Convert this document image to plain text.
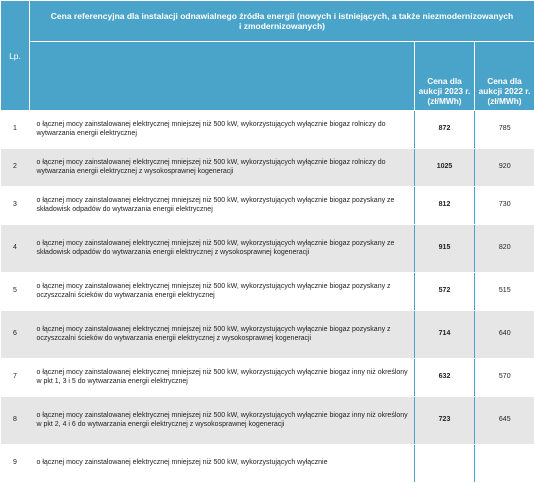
Lp.	Cena referencyjna dla instalacji odnawialnego źródła energii (nowych i istniejących, a także niezmodernizowanych i zmodernizowanych)		
		Cena dla aukcji 2023 r. (zł/MWh)	Cena dla aukcji 2022 r. (zł/MWh)
1	o łącznej mocy zainstalowanej elektrycznej mniejszej niż 500 kW, wykorzystujących wyłącznie biogaz rolniczy do wytwarzania energii elektrycznej	872	785
2	o łącznej mocy zainstalowanej elektrycznej mniejszej niż 500 kW, wykorzystujących wyłącznie biogaz rolniczy do wytwarzania energii elektrycznej z wysokosprawnej kogeneracji	1025	920
3	o łącznej mocy zainstalowanej elektrycznej mniejszej niż 500 kW, wykorzystujących wyłącznie biogaz pozyskany ze składowisk odpadów do wytwarzania energii elektrycznej	812	730
4	o łącznej mocy zainstalowanej elektrycznej mniejszej niż 500 kW, wykorzystujących wyłącznie biogaz pozyskany ze składowisk odpadów do wytwarzania energii elektrycznej z wysokosprawnej kogeneracji	915	820
5	o łącznej mocy zainstalowanej elektrycznej mniejszej niż 500 kW, wykorzystujących wyłącznie biogaz pozyskany z oczyszczalni ścieków do wytwarzania energii elektrycznej	572	515
6	o łącznej mocy zainstalowanej elektrycznej mniejszej niż 500 kW, wykorzystujących wyłącznie biogaz pozyskany z oczyszczalni ścieków do wytwarzania energii elektrycznej z wysokosprawnej kogeneracji	714	640
7	o łącznej mocy zainstalowanej elektrycznej mniejszej niż 500 kW, wykorzystujących wyłącznie biogaz inny niż określony w pkt 1, 3 i 5 do wytwarzania energii elektrycznej	632	570
8	o łącznej mocy zainstalowanej elektrycznej mniejszej niż 500 kW, wykorzystujących wyłącznie biogaz inny niż określony w pkt 2, 4 i 6 do wytwarzania energii elektrycznej z wysokosprawnej kogeneracji	723	645
9	o łącznej mocy zainstalowanej elektrycznej mniejszej niż 500 kW, wykorzystujących wyłącznie		
